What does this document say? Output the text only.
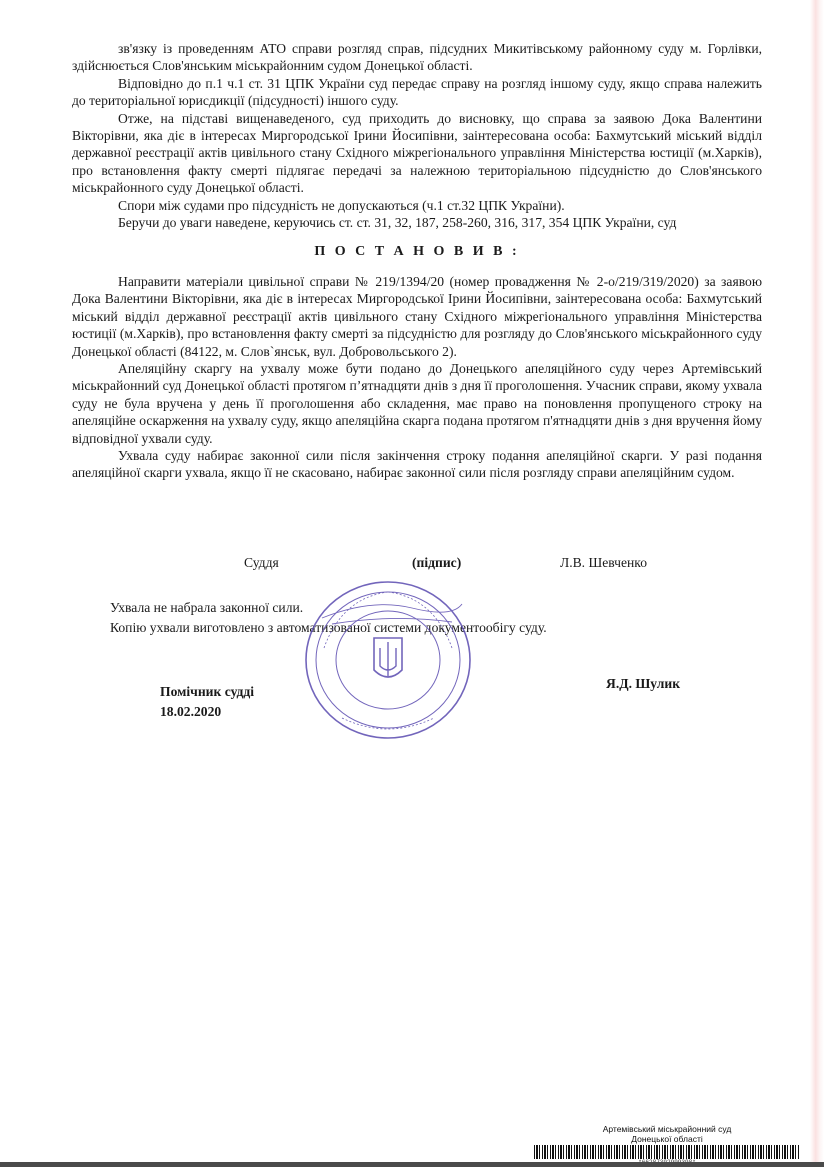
зв'язку із проведенням АТО справи розгляд справ, підсудних Микитівському районному суду м. Горлівки, здійснюється Слов'янським міськрайонним судом Донецької області.

Відповідно до п.1 ч.1 ст. 31 ЦПК України суд передає справу на розгляд іншому суду, якщо справа належить до територіальної юрисдикції (підсудності) іншого суду.

Отже, на підставі вищенаведеного, суд приходить до висновку, що справа за заявою Дока Валентини Вікторівни, яка діє в інтересах Миргородської Ірини Йосипівни, заінтересована особа: Бахмутський міський відділ державної реєстрації актів цивільного стану Східного міжрегіонального управління Міністерства юстиції (м.Харків), про встановлення факту смерті підлягає передачі за належною територіальною підсудністю до Слов'янського міськрайонного суду Донецької області.

Спори між судами про підсудність не допускаються (ч.1 ст.32 ЦПК України).

Беручи до уваги наведене, керуючись ст. ст. 31, 32, 187, 258-260, 316, 317, 354 ЦПК України, суд

П О С Т А Н О В И В :

Направити матеріали цивільної справи № 219/1394/20 (номер провадження № 2-о/219/319/2020) за заявою Дока Валентини Вікторівни, яка діє в інтересах Миргородської Ірини Йосипівни, заінтересована особа: Бахмутський міський відділ державної реєстрації актів цивільного стану Східного міжрегіонального управління Міністерства юстиції (м.Харків), про встановлення факту смерті за підсудністю для розгляду до Слов'янського міськрайонного суду Донецької області (84122, м. Слов`янськ, вул. Добровольського 2).

Апеляційну скаргу на ухвалу може бути подано до Донецького апеляційного суду через Артемівський міськрайонний суд Донецької області протягом п’ятнадцяти днів з дня її проголошення. Учасник справи, якому ухвала суду не була вручена у день її проголошення або складення, має право на поновлення пропущеного строку на апеляційне оскарження на ухвалу суду, якщо апеляційна скарга подана протягом п'ятнадцяти днів з дня вручення йому відповідної ухвали суду.

Ухвала суду набирає законної сили після закінчення строку подання апеляційної скарги. У разі подання апеляційної скарги ухвала, якщо її не скасовано, набирає законної сили після розгляду справи апеляційним судом.

Суддя	(підпис)	Л.В. Шевченко
Ухвала не набрала законної сили.
Копію ухвали виготовлено з автоматизованої системи документообігу суду.
Помічник судді
18.02.2020
Я.Д. Шулик
Артемівський міськрайонний суд
Донецької області
